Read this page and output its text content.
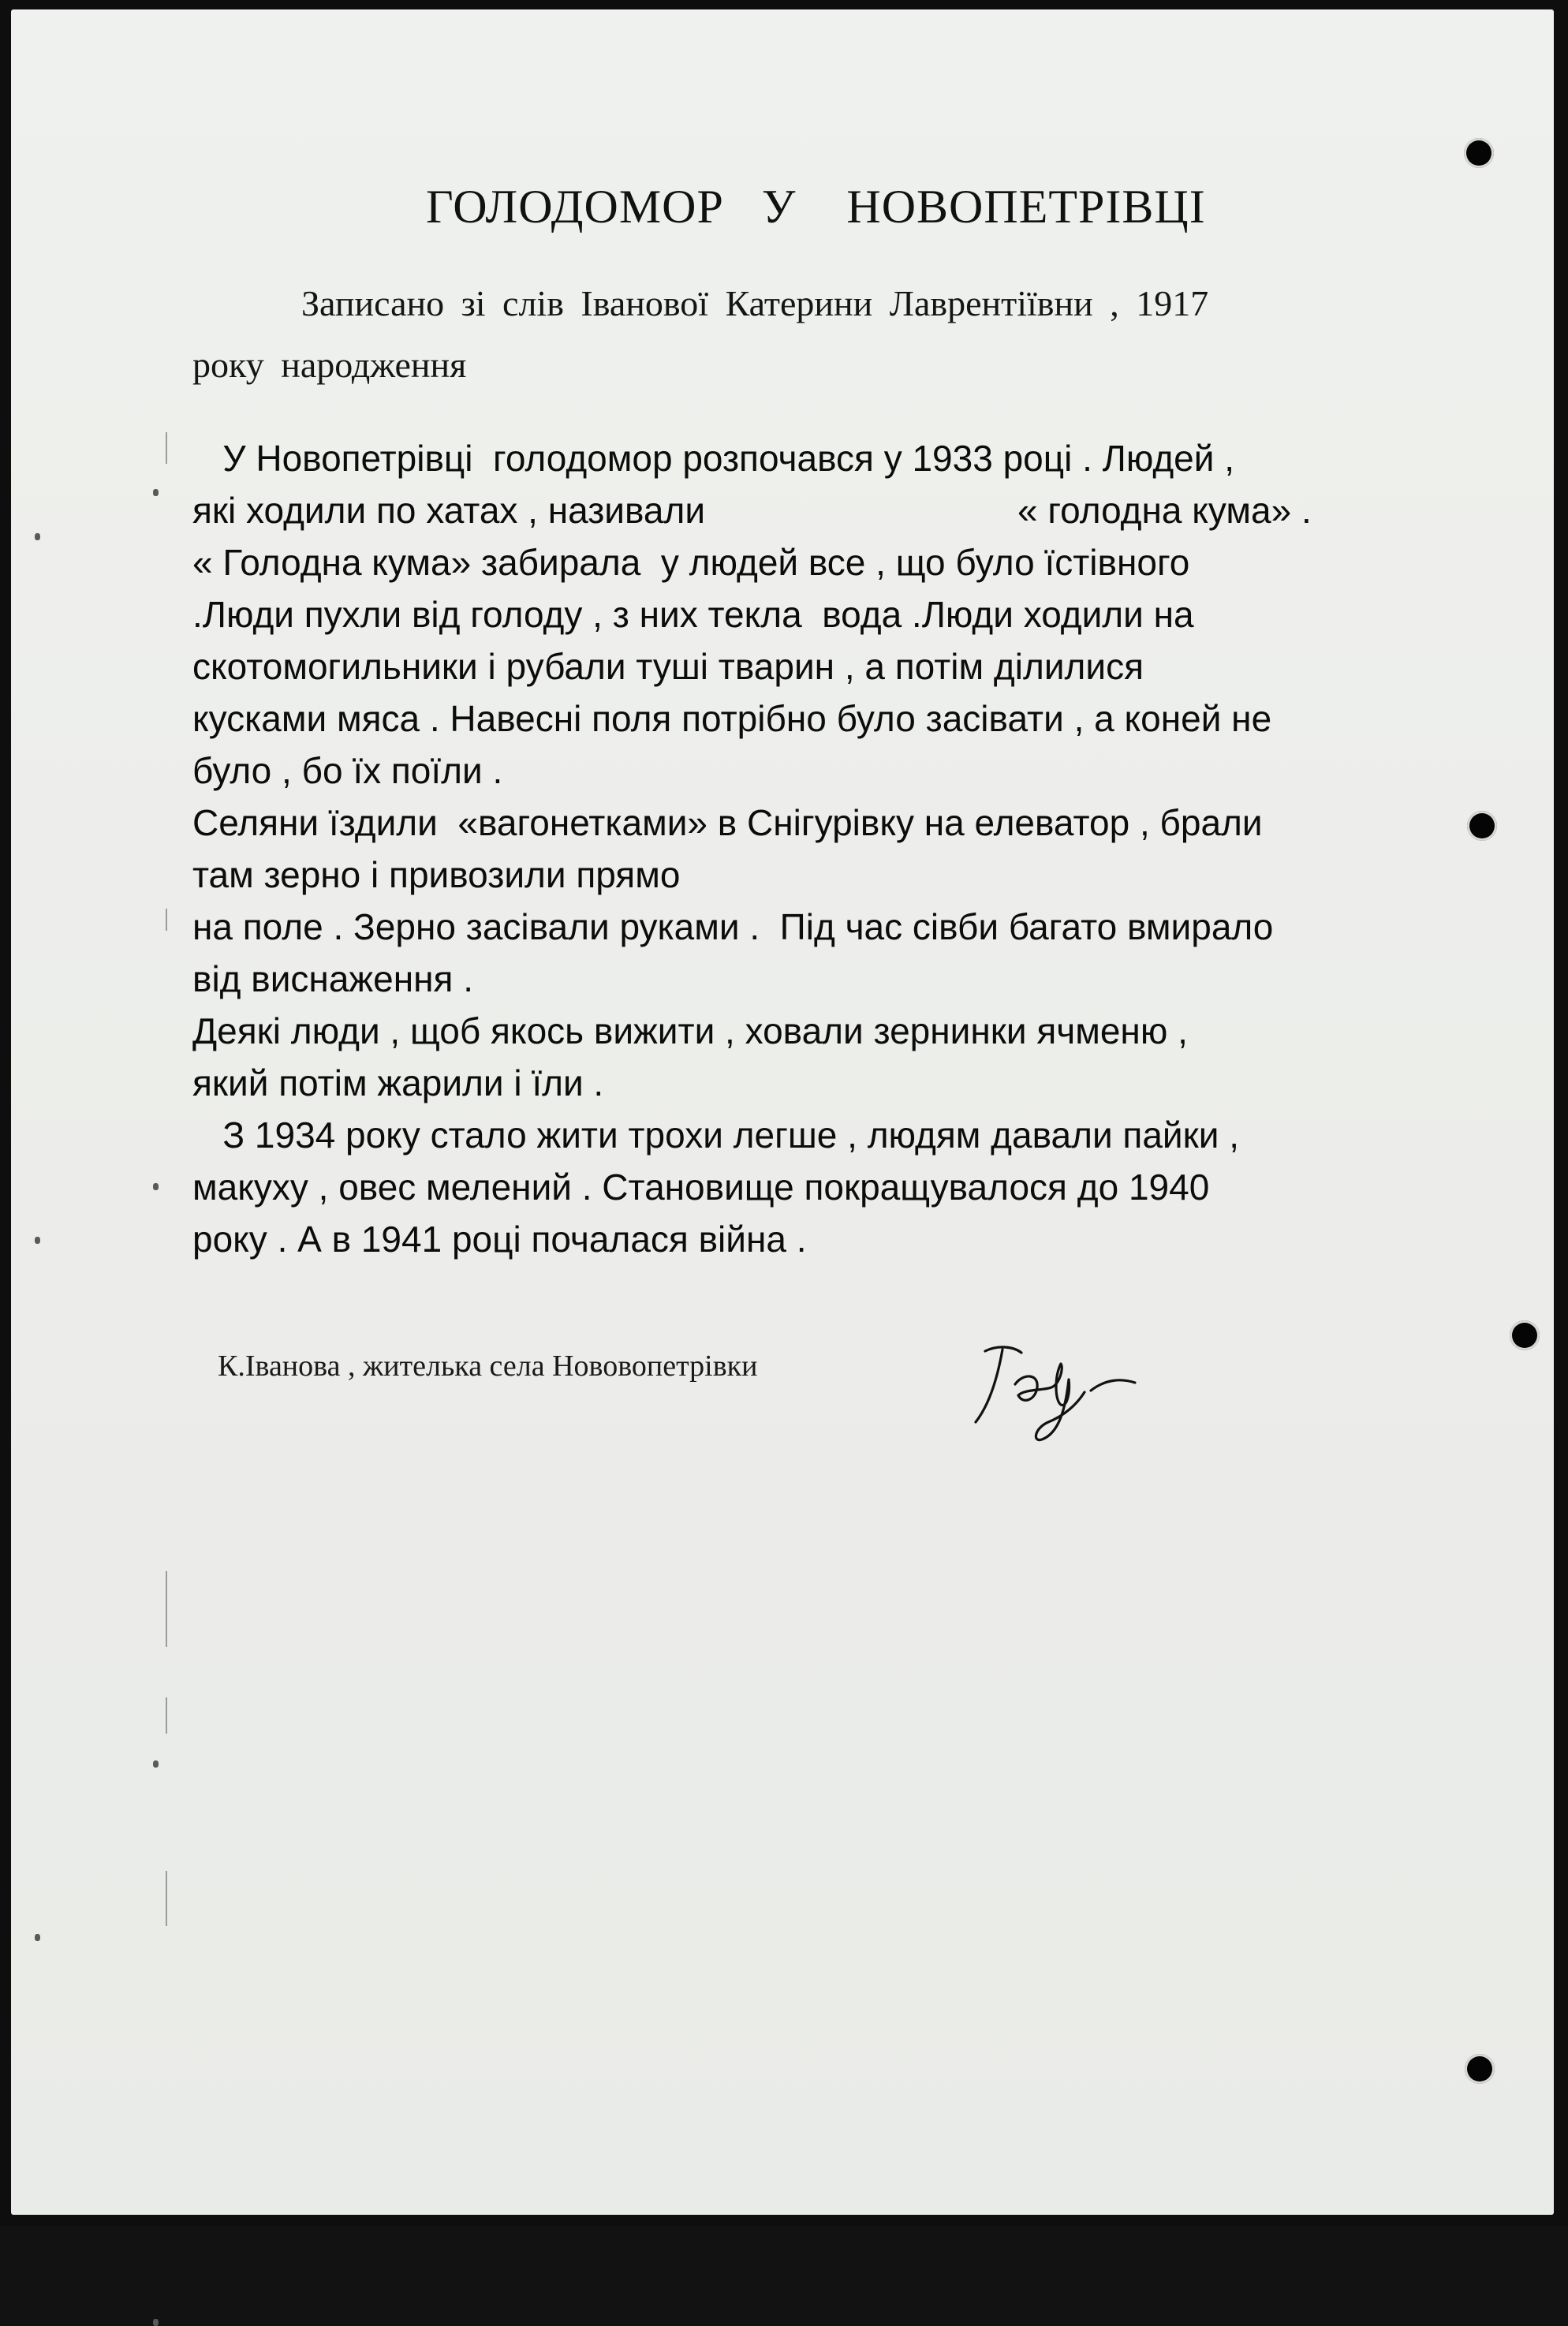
ГОЛОДОМОР   У    НОВОПЕТРІВЦІ
Записано зі слів Іванової Катерини Лаврентіївни , 1917
року народження
У Новопетрівці  голодомор розпочався у 1933 році . Людей ,
які ходили по хатах , називали	« голодна кума» .
« Голодна кума» забирала  у людей все , що було їстівного
.Люди пухли від голоду , з них текла  вода .Люди ходили на
скотомогильники і рубали туші тварин , а потім ділилися
кусками мяса . Навесні поля потрібно було засівати , а коней не
було , бо їх поїли .
Селяни їздили  «вагонетками» в Снігурівку на елеватор , брали
там зерно і привозили прямо
на поле . Зерно засівали руками .  Під час сівби багато вмирало
від виснаження .
Деякі люди , щоб якось вижити , ховали зернинки ячменю ,
який потім жарили і їли .
З 1934 року стало жити трохи легше , людям давали пайки ,
макуху , овес мелений . Становище покращувалося до 1940
року . А в 1941 році почалася війна .
К.Іванова , жителька села Нововопетрівки
